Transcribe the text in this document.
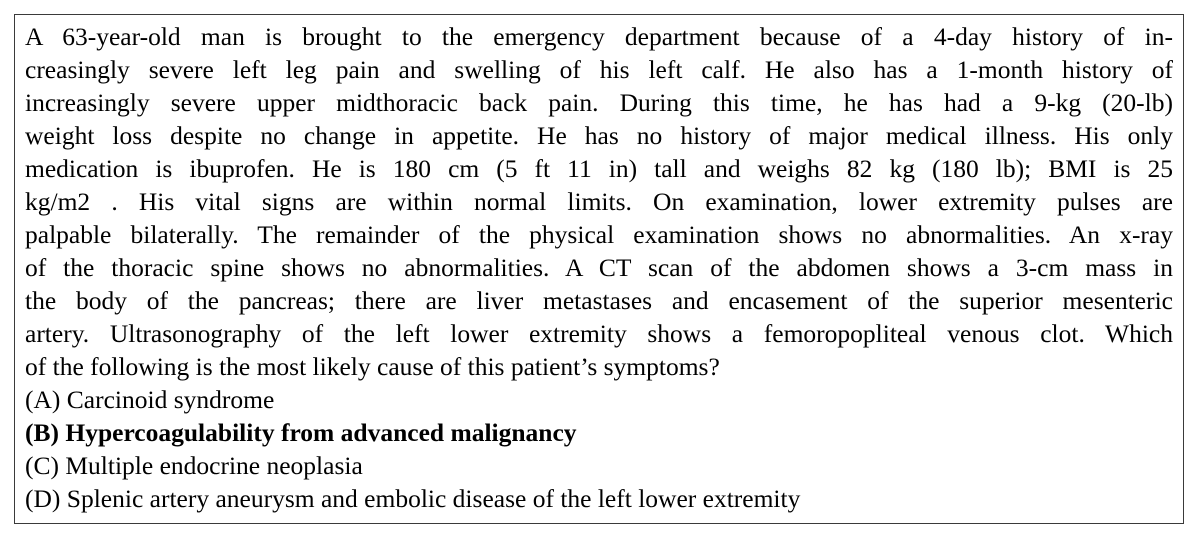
A 63-year-old man is brought to the emergency department because of a 4-day history of in-
creasingly severe left leg pain and swelling of his left calf. He also has a 1-month history of
increasingly severe upper midthoracic back pain. During this time, he has had a 9-kg (20-lb)
weight loss despite no change in appetite. He has no history of major medical illness. His only
medication is ibuprofen. He is 180 cm (5 ft 11 in) tall and weighs 82 kg (180 lb); BMI is 25
kg/m2 . His vital signs are within normal limits. On examination, lower extremity pulses are
palpable bilaterally. The remainder of the physical examination shows no abnormalities. An x-ray
of the thoracic spine shows no abnormalities. A CT scan of the abdomen shows a 3-cm mass in
the body of the pancreas; there are liver metastases and encasement of the superior mesenteric
artery. Ultrasonography of the left lower extremity shows a femoropopliteal venous clot. Which
of the following is the most likely cause of this patient’s symptoms?
(A) Carcinoid syndrome
(B) Hypercoagulability from advanced malignancy
(C) Multiple endocrine neoplasia
(D) Splenic artery aneurysm and embolic disease of the left lower extremity
